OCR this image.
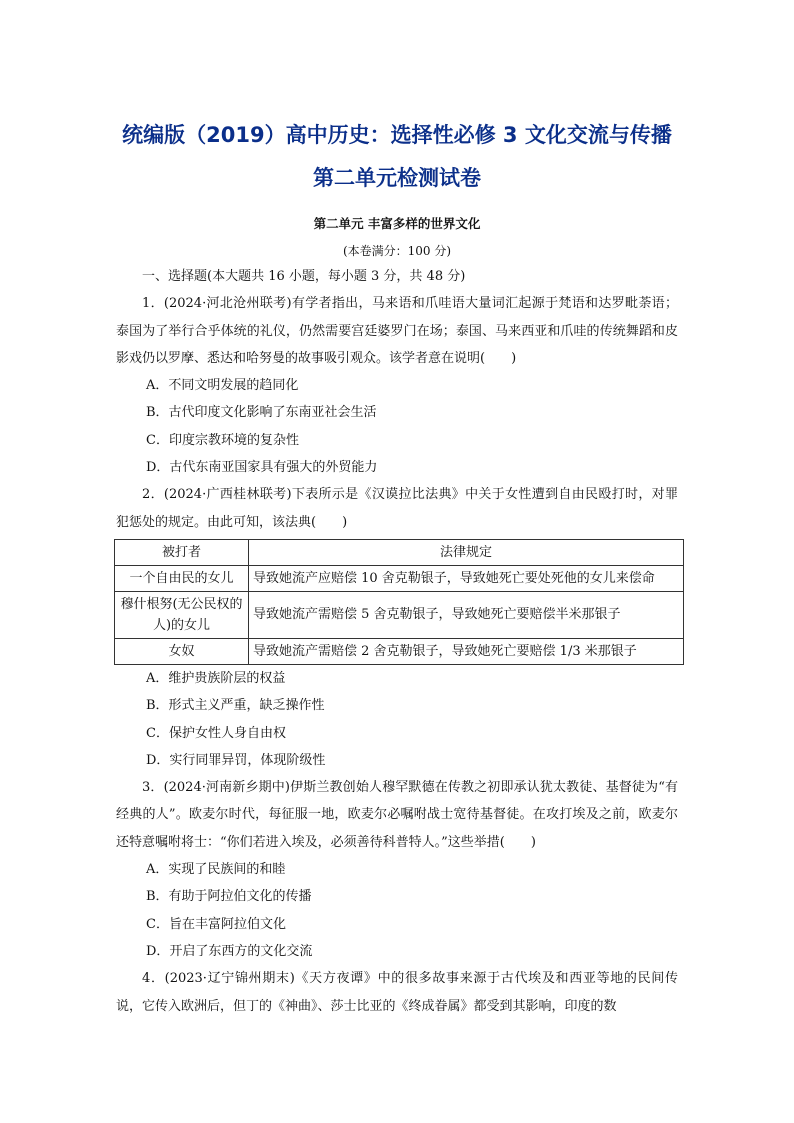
统编版（2019）高中历史：选择性必修 3 文化交流与传播
第二单元检测试卷
第二单元 丰富多样的世界文化
(本卷满分：100 分)

一、选择题(本大题共 16 小题，每小题 3 分，共 48 分)

1．(2024·河北沧州联考)有学者指出，马来语和爪哇语大量词汇起源于梵语和达罗毗荼语；泰国为了举行合乎体统的礼仪，仍然需要宫廷婆罗门在场；泰国、马来西亚和爪哇的传统舞蹈和皮影戏仍以罗摩、悉达和哈努曼的故事吸引观众。该学者意在说明(　　)

A．不同文明发展的趋同化

B．古代印度文化影响了东南亚社会生活

C．印度宗教环境的复杂性

D．古代东南亚国家具有强大的外贸能力

2．(2024·广西桂林联考)下表所示是《汉谟拉比法典》中关于女性遭到自由民殴打时，对罪犯惩处的规定。由此可知，该法典(　　)

被打者	法律规定
一个自由民的女儿	导致她流产应赔偿 10 舍克勒银子，导致她死亡要处死他的女儿来偿命
穆什根努(无公民权的人)的女儿	导致她流产需赔偿 5 舍克勒银子，导致她死亡要赔偿半米那银子
女奴	导致她流产需赔偿 2 舍克勒银子，导致她死亡要赔偿 1/3 米那银子

A．维护贵族阶层的权益

B．形式主义严重，缺乏操作性

C．保护女性人身自由权

D．实行同罪异罚，体现阶级性

3．(2024·河南新乡期中)伊斯兰教创始人穆罕默德在传教之初即承认犹太教徒、基督徒为“有经典的人”。欧麦尔时代，每征服一地，欧麦尔必嘱咐战士宽待基督徒。在攻打埃及之前，欧麦尔还特意嘱咐将士：“你们若进入埃及，必须善待科普特人。”这些举措(　　)

A．实现了民族间的和睦

B．有助于阿拉伯文化的传播

C．旨在丰富阿拉伯文化

D．开启了东西方的文化交流

4．(2023·辽宁锦州期末)《天方夜谭》中的很多故事来源于古代埃及和西亚等地的民间传说，它传入欧洲后，但丁的《神曲》、莎士比亚的《终成眷属》都受到其影响，印度的数
